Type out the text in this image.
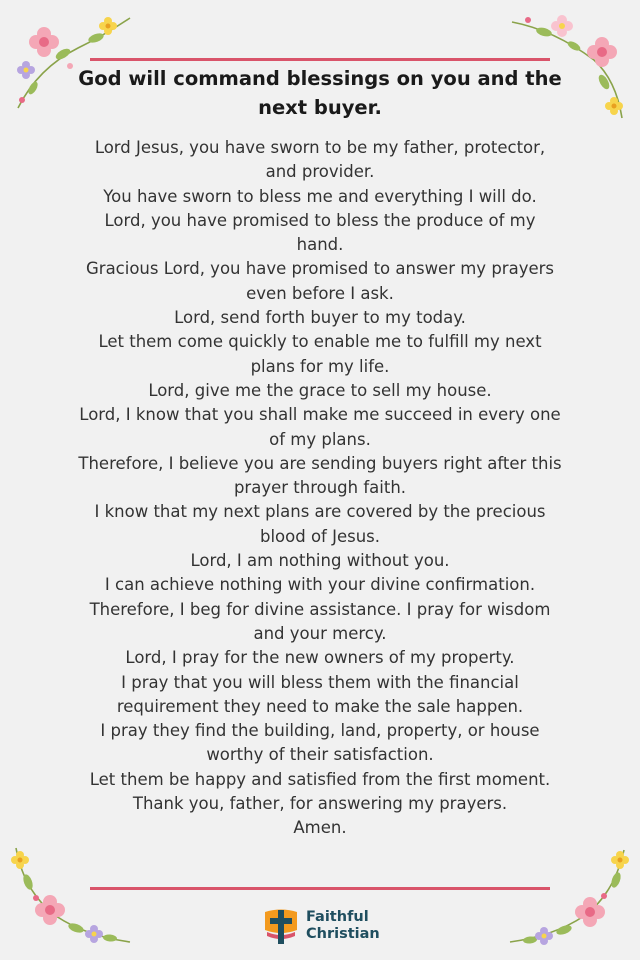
God will command blessings on you and the next buyer.
Lord Jesus, you have sworn to be my father, protector,
and provider.
You have sworn to bless me and everything I will do.
Lord, you have promised to bless the produce of my
hand.
Gracious Lord, you have promised to answer my prayers
even before I ask.
Lord, send forth buyer to my today.
Let them come quickly to enable me to fulfill my next
plans for my life.
Lord, give me the grace to sell my house.
Lord, I know that you shall make me succeed in every one
of my plans.
Therefore, I believe you are sending buyers right after this
prayer through faith.
I know that my next plans are covered by the precious
blood of Jesus.
Lord, I am nothing without you.
I can achieve nothing with your divine confirmation.
Therefore, I beg for divine assistance. I pray for wisdom
and your mercy.
Lord, I pray for the new owners of my property.
I pray that you will bless them with the financial
requirement they need to make the sale happen.
I pray they find the building, land, property, or house
worthy of their satisfaction.
Let them be happy and satisfied from the first moment.
Thank you, father, for answering my prayers.
Amen.
Faithful
Christian
